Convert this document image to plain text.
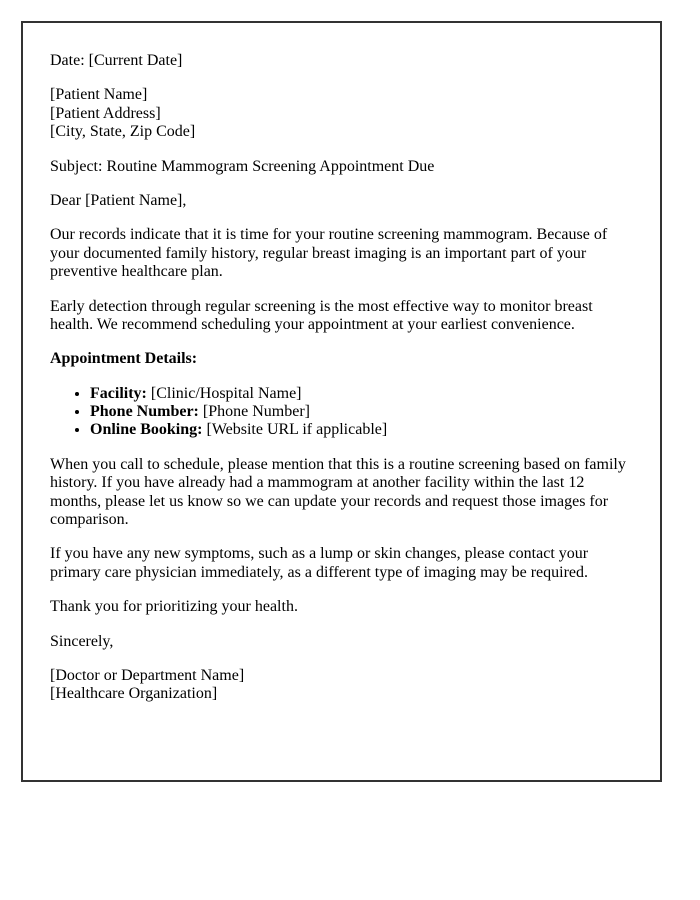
Date: [Current Date]

[Patient Name]
[Patient Address]
[City, State, Zip Code]

Subject: Routine Mammogram Screening Appointment Due

Dear [Patient Name],

Our records indicate that it is time for your routine screening mammogram. Because of your documented family history, regular breast imaging is an important part of your preventive healthcare plan.

Early detection through regular screening is the most effective way to monitor breast health. We recommend scheduling your appointment at your earliest convenience.

Appointment Details:

• Facility: [Clinic/Hospital Name]
• Phone Number: [Phone Number]
• Online Booking: [Website URL if applicable]

When you call to schedule, please mention that this is a routine screening based on family history. If you have already had a mammogram at another facility within the last 12 months, please let us know so we can update your records and request those images for comparison.

If you have any new symptoms, such as a lump or skin changes, please contact your primary care physician immediately, as a different type of imaging may be required.

Thank you for prioritizing your health.

Sincerely,

[Doctor or Department Name]
[Healthcare Organization]
